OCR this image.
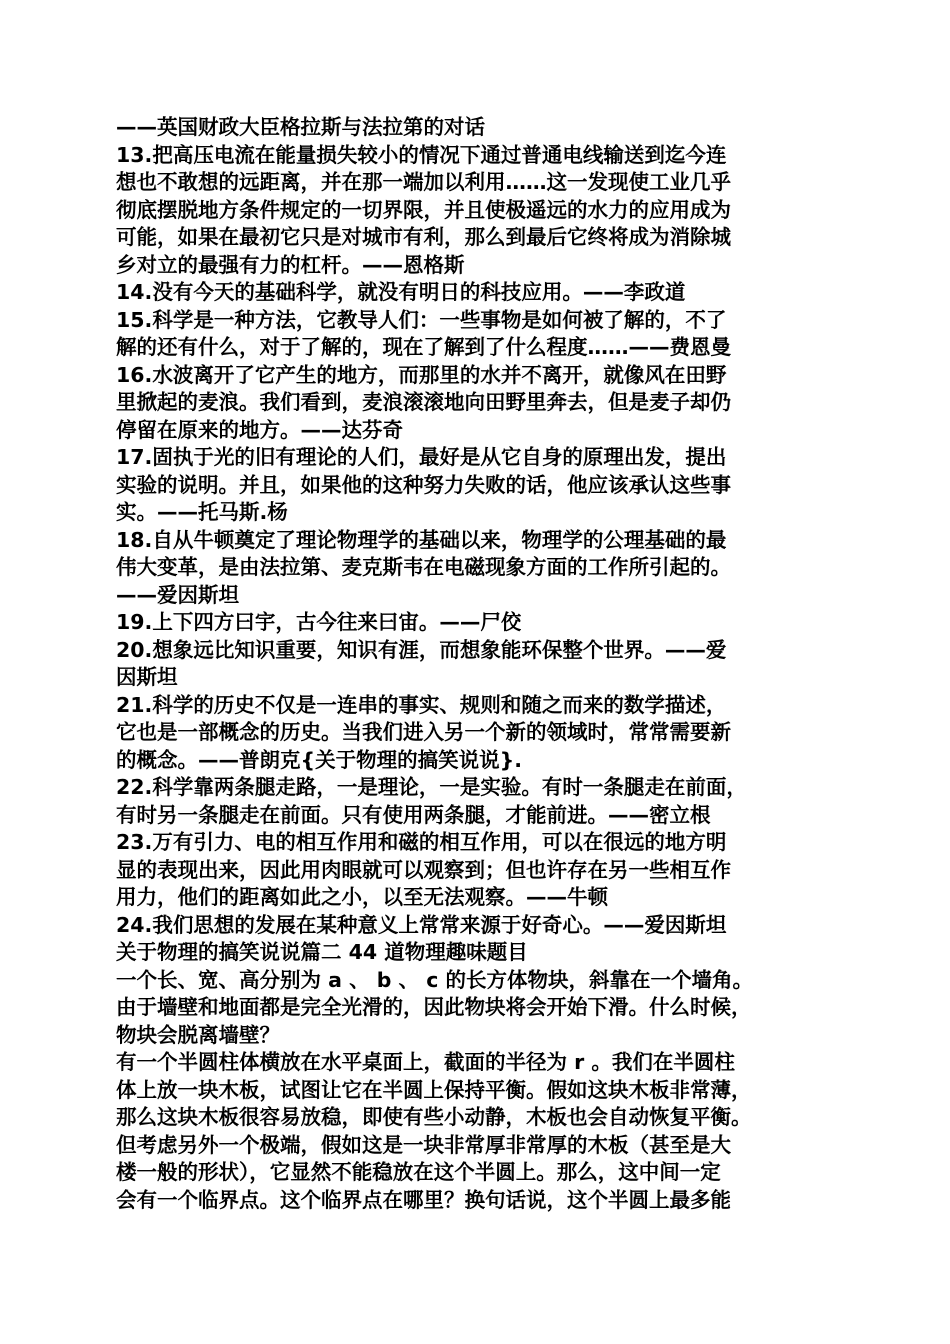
——英国财政大臣格拉斯与法拉第的对话
13.把高压电流在能量损失较小的情况下通过普通电线输送到迄今连
想也不敢想的远距离，并在那一端加以利用……这一发现使工业几乎
彻底摆脱地方条件规定的一切界限，并且使极遥远的水力的应用成为
可能，如果在最初它只是对城市有利，那么到最后它终将成为消除城
乡对立的最强有力的杠杆。——恩格斯
14.没有今天的基础科学，就没有明日的科技应用。——李政道
15.科学是一种方法，它教导人们：一些事物是如何被了解的，不了
解的还有什么，对于了解的，现在了解到了什么程度……——费恩曼
16.水波离开了它产生的地方，而那里的水并不离开，就像风在田野
里掀起的麦浪。我们看到，麦浪滚滚地向田野里奔去，但是麦子却仍
停留在原来的地方。——达芬奇
17.固执于光的旧有理论的人们，最好是从它自身的原理出发，提出
实验的说明。并且，如果他的这种努力失败的话，他应该承认这些事
实。——托马斯.杨
18.自从牛顿奠定了理论物理学的基础以来，物理学的公理基础的最
伟大变革，是由法拉第、麦克斯韦在电磁现象方面的工作所引起的。
——爱因斯坦
19.上下四方曰宇，古今往来曰宙。——尸佼
20.想象远比知识重要，知识有涯，而想象能环保整个世界。——爱
因斯坦
21.科学的历史不仅是一连串的事实、规则和随之而来的数学描述，
它也是一部概念的历史。当我们进入另一个新的领域时，常常需要新
的概念。——普朗克{关于物理的搞笑说说}.
22.科学靠两条腿走路，一是理论，一是实验。有时一条腿走在前面，
有时另一条腿走在前面。只有使用两条腿，才能前进。——密立根
23.万有引力、电的相互作用和磁的相互作用，可以在很远的地方明
显的表现出来，因此用肉眼就可以观察到；但也许存在另一些相互作
用力，他们的距离如此之小，以至无法观察。——牛顿
24.我们思想的发展在某种意义上常常来源于好奇心。——爱因斯坦
关于物理的搞笑说说篇二 44 道物理趣味题目
一个长、宽、高分别为 a 、 b 、 c 的长方体物块，斜靠在一个墙角。
由于墙壁和地面都是完全光滑的，因此物块将会开始下滑。什么时候，
物块会脱离墙壁？
有一个半圆柱体横放在水平桌面上，截面的半径为 r 。我们在半圆柱
体上放一块木板，试图让它在半圆上保持平衡。假如这块木板非常薄，
那么这块木板很容易放稳，即使有些小动静，木板也会自动恢复平衡。
但考虑另外一个极端，假如这是一块非常厚非常厚的木板（甚至是大
楼一般的形状），它显然不能稳放在这个半圆上。那么，这中间一定
会有一个临界点。这个临界点在哪里？换句话说，这个半圆上最多能
